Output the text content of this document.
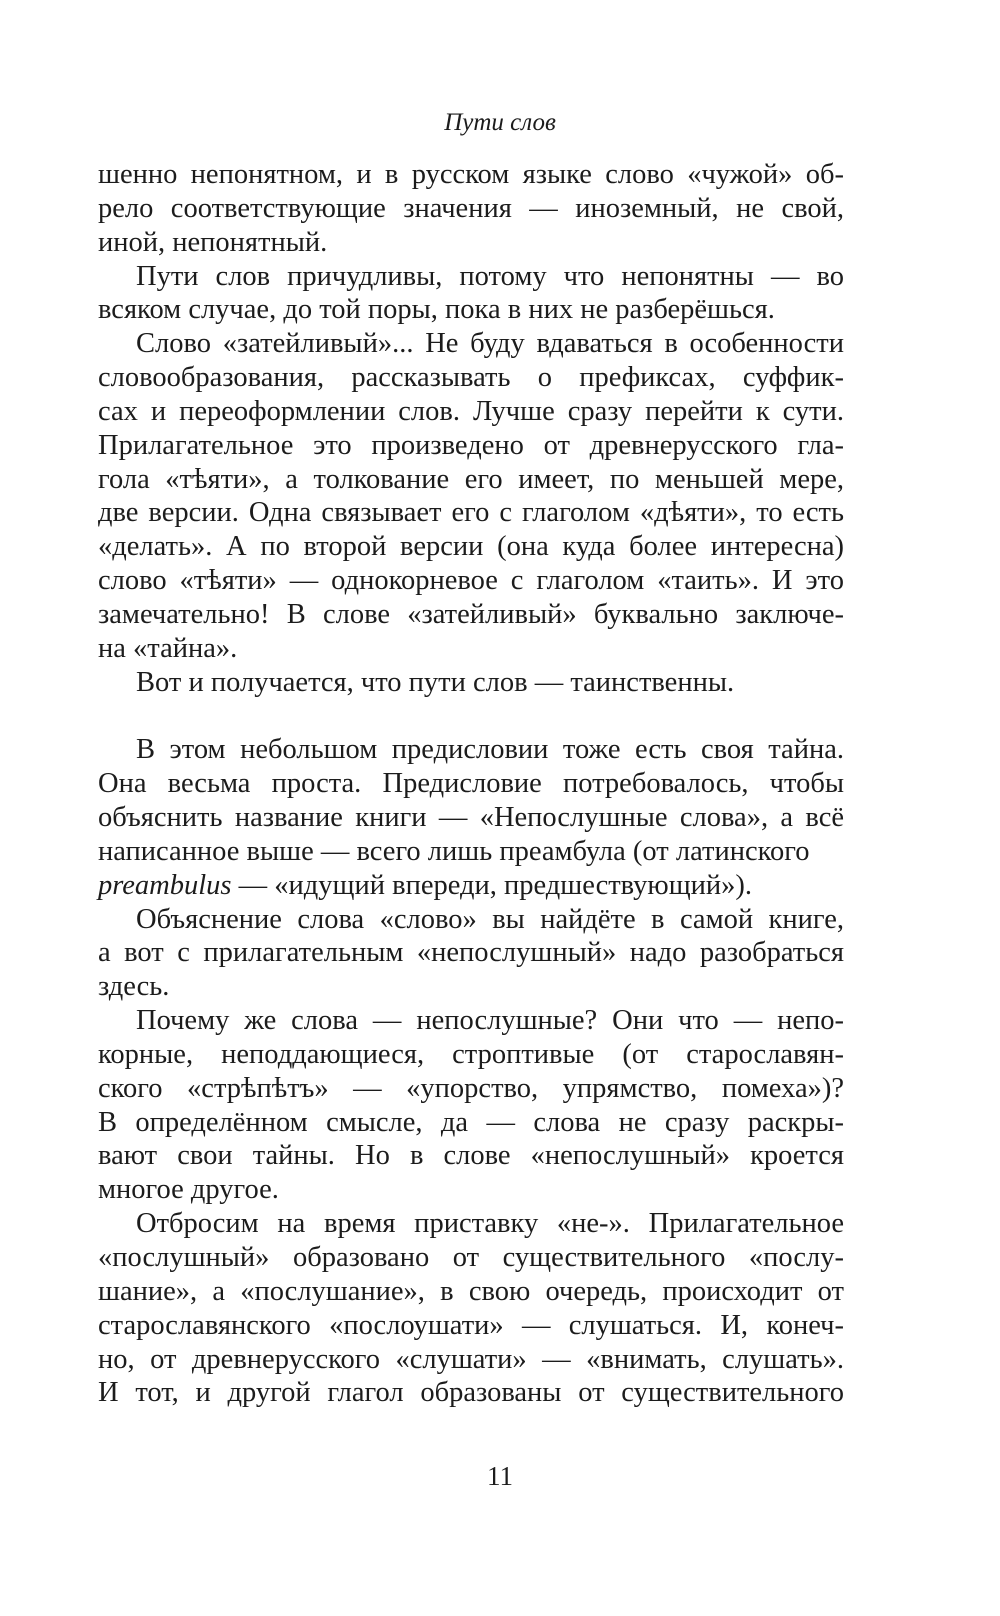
Пути слов
шенно непонятном, и в русском языке слово «чужой» об-
рело соответствующие значения — иноземный, не свой,
иной, непонятный.
Пути слов причудливы, потому что непонятны — во
всяком случае, до той поры, пока в них не разберёшься.
Слово «затейливый»... Не буду вдаваться в особенности
словообразования, рассказывать о префиксах, суффик-
сах и переоформлении слов. Лучше сразу перейти к сути.
Прилагательное это произведено от древнерусского гла-
гола «тѣяти», а толкование его имеет, по меньшей мере,
две версии. Одна связывает его с глаголом «дѣяти», то есть
«делать». А по второй версии (она куда более интересна)
слово «тѣяти» — однокорневое с глаголом «таить». И это
замечательно! В слове «затейливый» буквально заключе-
на «тайна».
Вот и получается, что пути слов — таинственны.
В этом небольшом предисловии тоже есть своя тайна.
Она весьма проста. Предисловие потребовалось, чтобы
объяснить название книги — «Непослушные слова», а всё
написанное выше — всего лишь преамбула (от латинского
preambulus — «идущий впереди, предшествующий»).
Объяснение слова «слово» вы найдёте в самой книге,
а вот с прилагательным «непослушный» надо разобраться
здесь.
Почему же слова — непослушные? Они что — непо-
корные, неподдающиеся, строптивые (от старославян-
ского «стрѣпѣтъ» — «упорство, упрямство, помеха»)?
В определённом смысле, да — слова не сразу раскры-
вают свои тайны. Но в слове «непослушный» кроется
многое другое.
Отбросим на время приставку «не-». Прилагательное
«послушный» образовано от существительного «послу-
шание», а «послушание», в свою очередь, происходит от
старославянского «послоушати» — слушаться. И, конеч-
но, от древнерусского «слушати» — «внимать, слушать».
И тот, и другой глагол образованы от существительного
11
